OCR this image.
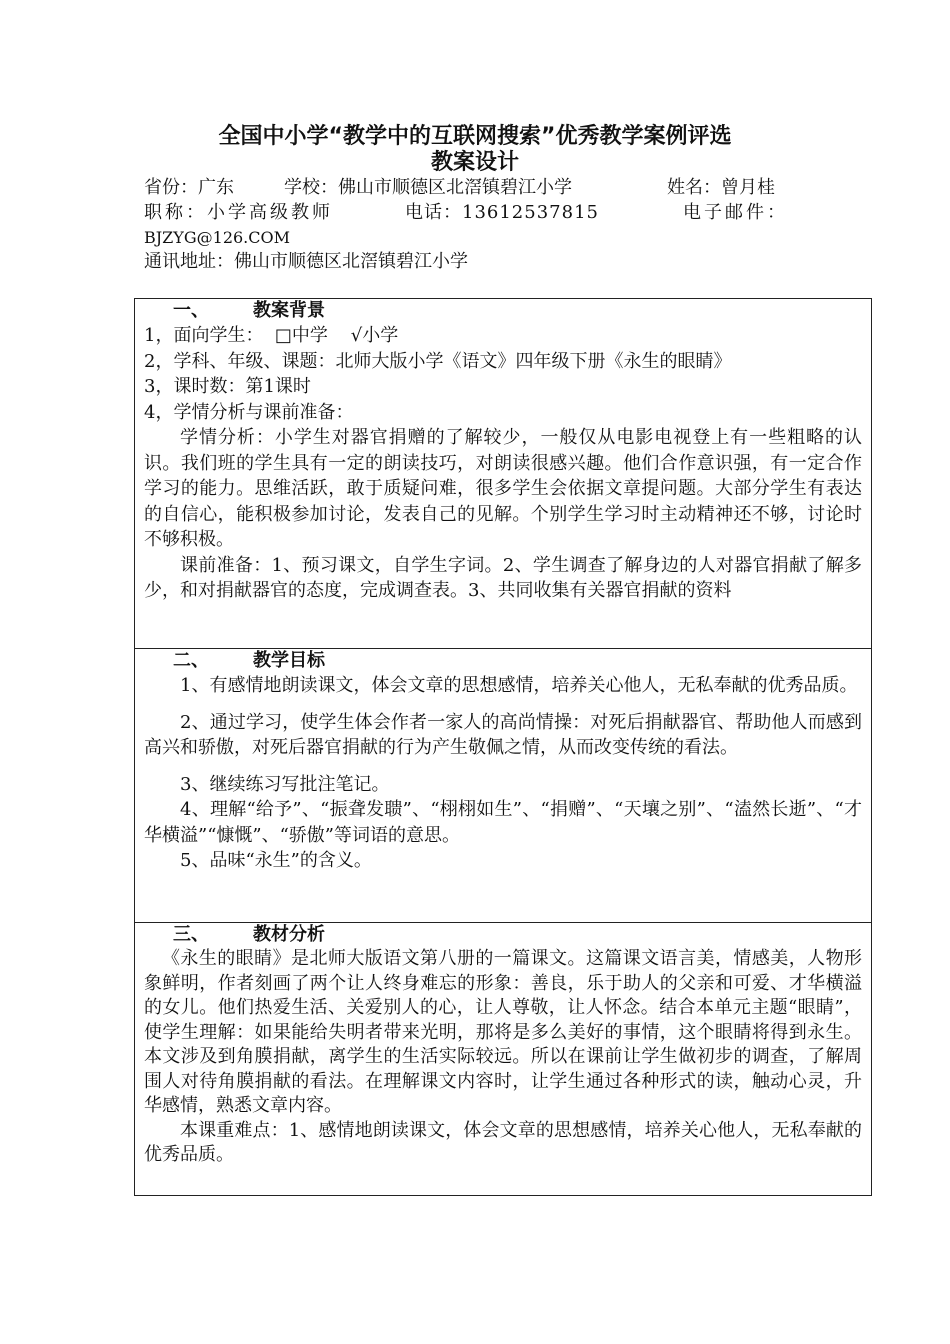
全国中小学“教学中的互联网搜索”优秀教学案例评选
教案设计
省份：广东	学校：佛山市顺德区北滘镇碧江小学	姓名：曾月桂
职称：小学高级教师	电话：13612537815	电子邮件：
BJZYG@126.COM
通讯地址：佛山市顺德区北滘镇碧江小学
一、 教案背景

1，面向学生：  □中学    √小学

2，学科、年级、课题：北师大版小学《语文》四年级下册《永生的眼睛》

3，课时数：第1课时

4，学情分析与课前准备：

学情分析：小学生对器官捐赠的了解较少，一般仅从电影电视登上有一些粗略的认识。我们班的学生具有一定的朗读技巧，对朗读很感兴趣。他们合作意识强，有一定合作学习的能力。思维活跃，敢于质疑问难，很多学生会依据文章提问题。大部分学生有表达的自信心，能积极参加讨论，发表自己的见解。个别学生学习时主动精神还不够，讨论时不够积极。

课前准备：1、预习课文，自学生字词。2、学生调查了解身边的人对器官捐献了解多少，和对捐献器官的态度，完成调查表。3、共同收集有关器官捐献的资料

二、 教学目标

1、有感情地朗读课文，体会文章的思想感情，培养关心他人，无私奉献的优秀品质。

2、通过学习，使学生体会作者一家人的高尚情操：对死后捐献器官、帮助他人而感到高兴和骄傲，对死后器官捐献的行为产生敬佩之情，从而改变传统的看法。

3、继续练习写批注笔记。

4、理解“给予”、“振聋发聩”、“栩栩如生”、“捐赠”、“天壤之别”、“溘然长逝”、“才华横溢”“慷慨”、“骄傲”等词语的意思。

5、品味“永生”的含义。

三、 教材分析

《永生的眼睛》是北师大版语文第八册的一篇课文。这篇课文语言美，情感美，人物形象鲜明，作者刻画了两个让人终身难忘的形象：善良，乐于助人的父亲和可爱、才华横溢的女儿。他们热爱生活、关爱别人的心，让人尊敬，让人怀念。结合本单元主题“眼睛”，使学生理解：如果能给失明者带来光明，那将是多么美好的事情，这个眼睛将得到永生。本文涉及到角膜捐献，离学生的生活实际较远。所以在课前让学生做初步的调查，了解周围人对待角膜捐献的看法。在理解课文内容时，让学生通过各种形式的读，触动心灵，升华感情，熟悉文章内容。

本课重难点：1、感情地朗读课文，体会文章的思想感情，培养关心他人，无私奉献的优秀品质。
